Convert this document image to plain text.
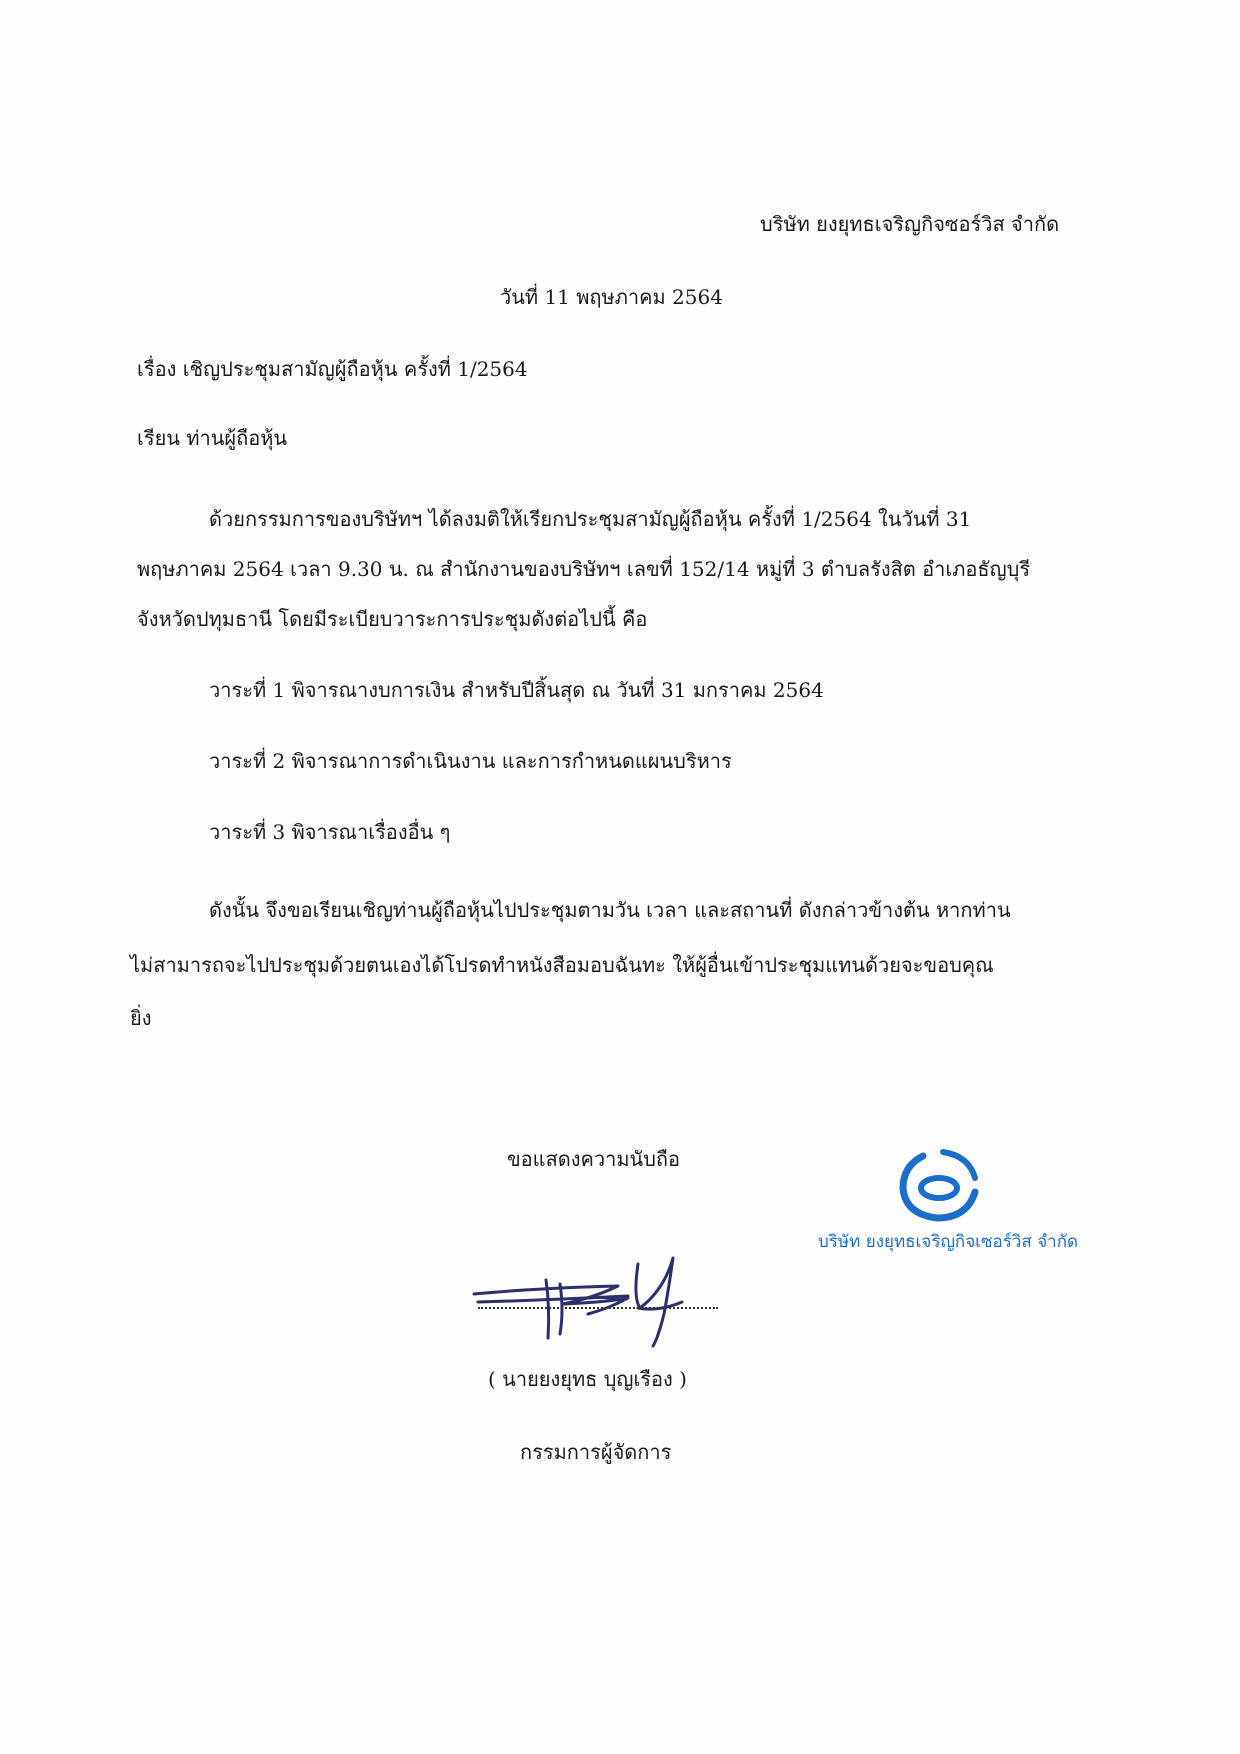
บริษัท ยงยุทธเจริญกิจซอร์วิส จำกัด
วันที่ 11 พฤษภาคม 2564
เรื่อง เชิญประชุมสามัญผู้ถือหุ้น ครั้งที่ 1/2564
เรียน ท่านผู้ถือหุ้น
ด้วยกรรมการของบริษัทฯ ได้ลงมติให้เรียกประชุมสามัญผู้ถือหุ้น ครั้งที่ 1/2564 ในวันที่ 31
พฤษภาคม 2564 เวลา 9.30 น. ณ สำนักงานของบริษัทฯ เลขที่ 152/14 หมู่ที่ 3 ตำบลรังสิต อำเภอธัญบุรี
จังหวัดปทุมธานี โดยมีระเบียบวาระการประชุมดังต่อไปนี้ คือ
วาระที่ 1 พิจารณางบการเงิน สำหรับปีสิ้นสุด ณ วันที่ 31 มกราคม 2564
วาระที่ 2 พิจารณาการดำเนินงาน และการกำหนดแผนบริหาร
วาระที่ 3 พิจารณาเรื่องอื่น ๆ
ดังนั้น จึงขอเรียนเชิญท่านผู้ถือหุ้นไปประชุมตามวัน เวลา และสถานที่ ดังกล่าวข้างต้น หากท่าน
ไม่สามารถจะไปประชุมด้วยตนเองได้โปรดทำหนังสือมอบฉันทะ ให้ผู้อื่นเข้าประชุมแทนด้วยจะขอบคุณ
ยิ่ง
ขอแสดงความนับถือ
( นายยงยุทธ บุญเรือง )
กรรมการผู้จัดการ
บริษัท ยงยุทธเจริญกิจเซอร์วิส จำกัด
